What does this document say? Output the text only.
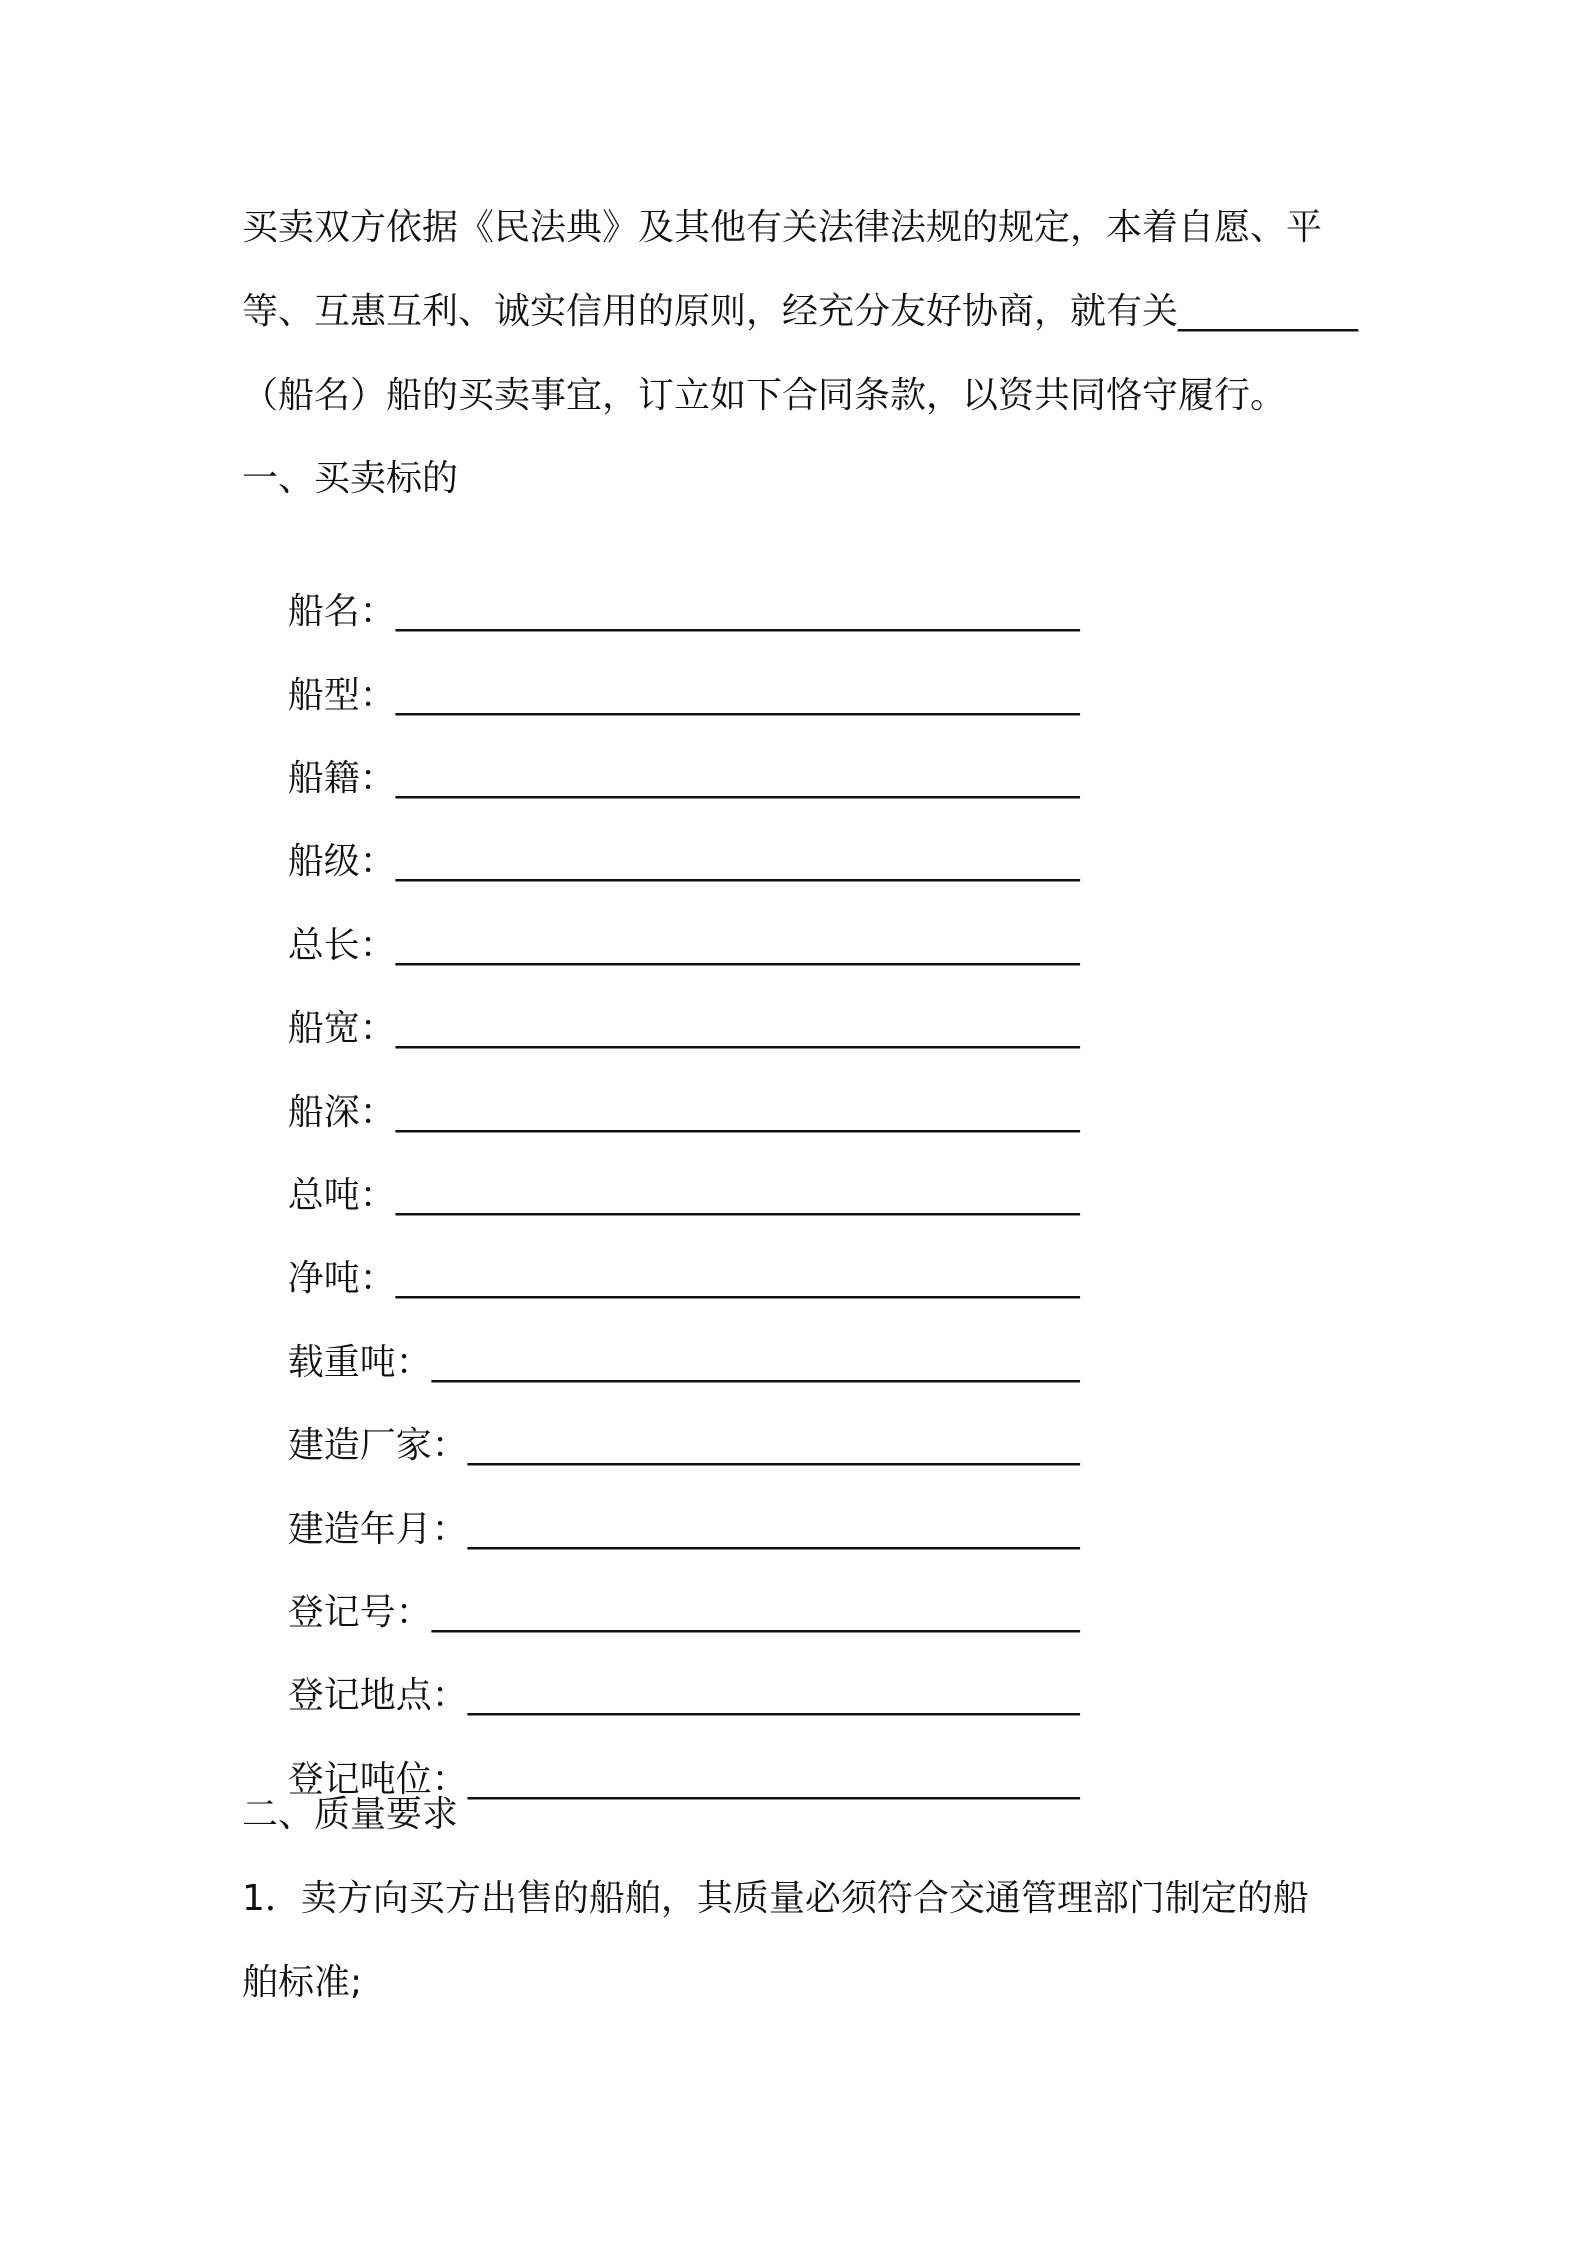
买卖双方依据《民法典》及其他有关法律法规的规定，本着自愿、平
等、互惠互利、诚实信用的原则，经充分友好协商，就有关__________
（船名）船的买卖事宜，订立如下合同条款，以资共同恪守履行。
一、买卖标的

船名：______________________________________

船型：______________________________________

船籍：______________________________________

船级：______________________________________

总长：______________________________________

船宽：______________________________________

船深：______________________________________

总吨：______________________________________

净吨：______________________________________

载重吨：____________________________________

建造厂家：__________________________________

建造年月：__________________________________

登记号：____________________________________

登记地点：__________________________________

登记吨位：__________________________________

二、质量要求
1．卖方向买方出售的船舶，其质量必须符合交通管理部门制定的船
舶标准;
